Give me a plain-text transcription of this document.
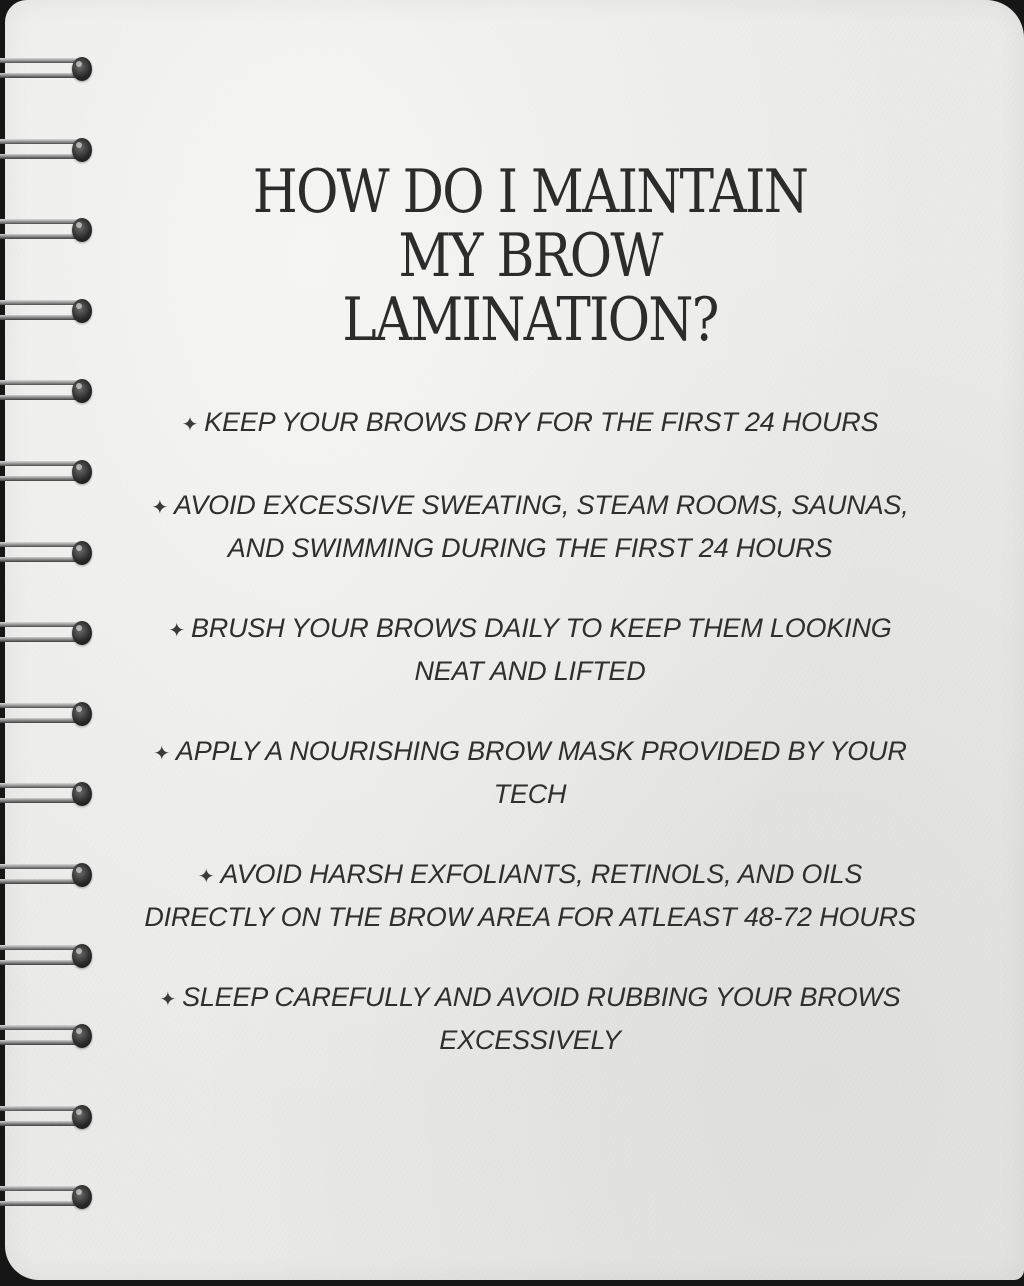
HOW DO I MAINTAIN
MY BROW
LAMINATION?
✦ KEEP YOUR BROWS DRY FOR THE FIRST 24 HOURS
✦ AVOID EXCESSIVE SWEATING, STEAM ROOMS, SAUNAS, AND SWIMMING DURING THE FIRST 24 HOURS
✦ BRUSH YOUR BROWS DAILY TO KEEP THEM LOOKING NEAT AND LIFTED
✦ APPLY A NOURISHING BROW MASK PROVIDED BY YOUR TECH
✦ AVOID HARSH EXFOLIANTS, RETINOLS, AND OILS DIRECTLY ON THE BROW AREA FOR ATLEAST 48-72 HOURS
✦ SLEEP CAREFULLY AND AVOID RUBBING YOUR BROWS EXCESSIVELY
